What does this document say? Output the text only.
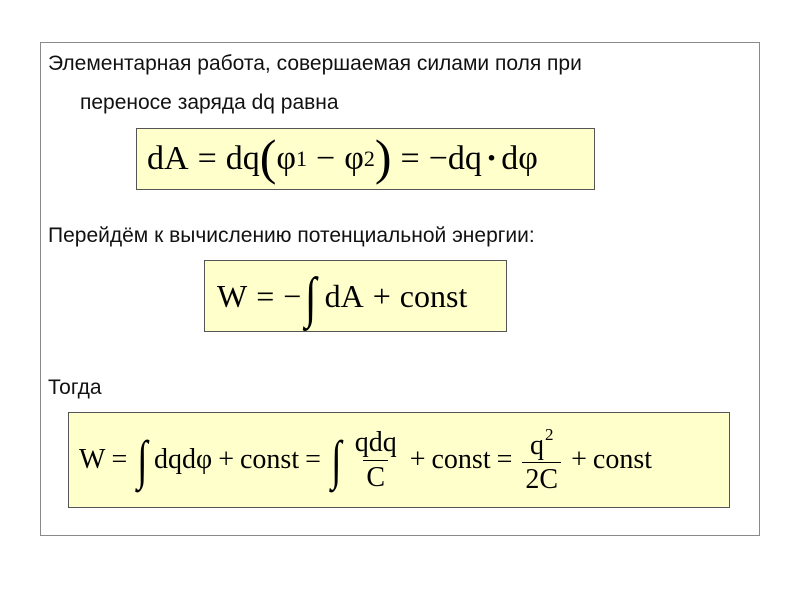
Элементарная работа, совершаемая силами поля при
переносе заряда dq равна
dA = dq ( φ 1 − φ 2 ) = −dq · dφ
Перейдём к вычислению потенциальной энергии:
W = − ∫ dA + const
Тогда
W = ∫ dqdφ + const = ∫ $\frac{\text{qdq}}{C}$ + const = $\frac{q^2}{2C}$ + const
